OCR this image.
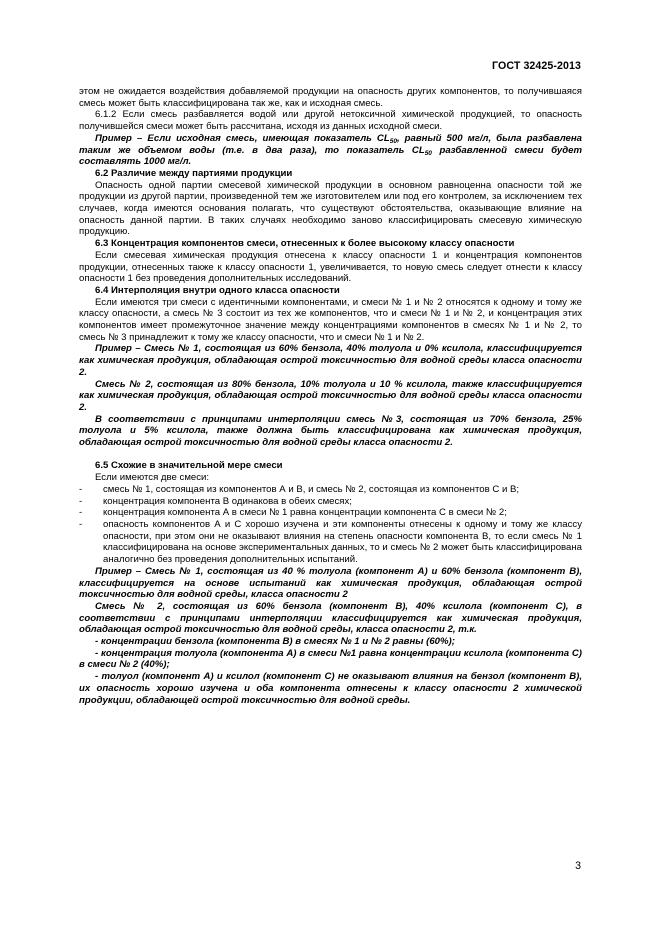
ГОСТ 32425-2013

этом не ожидается воздействия добавляемой продукции на опасность других компонентов, то получившаяся смесь может быть классифицирована так же, как и исходная смесь.

6.1.2 Если смесь разбавляется водой или другой нетоксичной химической продукцией, то опасность получившейся смеси может быть рассчитана, исходя из данных исходной смеси.

Пример – Если исходная смесь, имеющая показатель $CL_{50}$, равный 500 мг/л, была разбавлена таким же объемом воды (т.е. в два раза), то показатель $CL_{50}$ разбавленной смеси будет составлять 1000 мг/л.

6.2 Различие между партиями продукции

Опасность одной партии смесевой химической продукции в основном равноценна опасности той же продукции из другой партии, произведенной тем же изготовителем или под его контролем, за исключением тех случаев, когда имеются основания полагать, что существуют обстоятельства, оказывающие влияние на опасность данной партии. В таких случаях необходимо заново классифицировать смесевую химическую продукцию.

6.3 Концентрация компонентов смеси, отнесенных к более высокому классу опасности

Если смесевая химическая продукция отнесена к классу опасности 1 и концентрация компонентов продукции, отнесенных также к классу опасности 1, увеличивается, то новую смесь следует отнести к классу опасности 1 без проведения дополнительных исследований.

6.4 Интерполяция внутри одного класса опасности

Если имеются три смеси с идентичными компонентами, и смеси № 1 и № 2 относятся к одному и тому же классу опасности, а смесь № 3 состоит из тех же компонентов, что и смеси № 1 и № 2, и концентрация этих компонентов имеет промежуточное значение между концентрациями компонентов в смесях № 1 и № 2, то смесь № 3 принадлежит к тому же классу опасности, что и смеси № 1 и № 2.

Пример – Смесь № 1, состоящая из 60% бензола, 40% толуола и 0% ксилола, классифицируется как химическая продукция, обладающая острой токсичностью для водной среды класса опасности 2.

Смесь № 2, состоящая из 80% бензола, 10% толуола и 10 % ксилола, также классифицируется как химическая продукция, обладающая острой токсичностью для водной среды класса опасности 2.

В соответствии с принципами интерполяции смесь №3, состоящая из 70% бензола, 25% толуола и 5% ксилола, также должна быть классифицирована как химическая продукция, обладающая острой токсичностью для водной среды класса опасности 2.

6.5 Схожие в значительной мере смеси

Если имеются две смеси:

-	смесь № 1, состоящая из компонентов А и В, и смесь № 2, состоящая из компонентов С и В;

-	концентрация компонента В одинакова в обеих смесях;

-	концентрация компонента А в смеси № 1 равна концентрации компонента С в смеси № 2;

-	опасность компонентов А и С хорошо изучена и эти компоненты отнесены к одному и тому же классу опасности, при этом они не оказывают влияния на степень опасности компонента В, то если смесь № 1 классифицирована на основе экспериментальных данных, то и смесь № 2 может быть классифицирована аналогично без проведения дополнительных испытаний.

Пример – Смесь № 1, состоящая из 40 % толуола (компонент А) и 60% бензола (компонент В), классифицируется на основе испытаний как химическая продукция, обладающая острой токсичностью для водной среды, класса опасности 2

Смесь № 2, состоящая из 60% бензола (компонент В), 40% ксилола (компонент С), в соответствии с принципами интерполяции классифицируется как химическая продукция, обладающая острой токсичностью для водной среды, класса опасности 2, т.к.

- концентрации бензола (компонента В) в смесях № 1 и № 2 равны (60%);

- концентрация толуола (компонента А) в смеси №1 равна концентрации ксилола (компонента С) в смеси № 2 (40%);

- толуол (компонент А) и ксилол (компонент С) не оказывают влияния на бензол (компонент В), их опасность хорошо изучена и оба компонента отнесены к классу опасности 2 химической продукции, обладающей острой токсичностью для водной среды.

3
